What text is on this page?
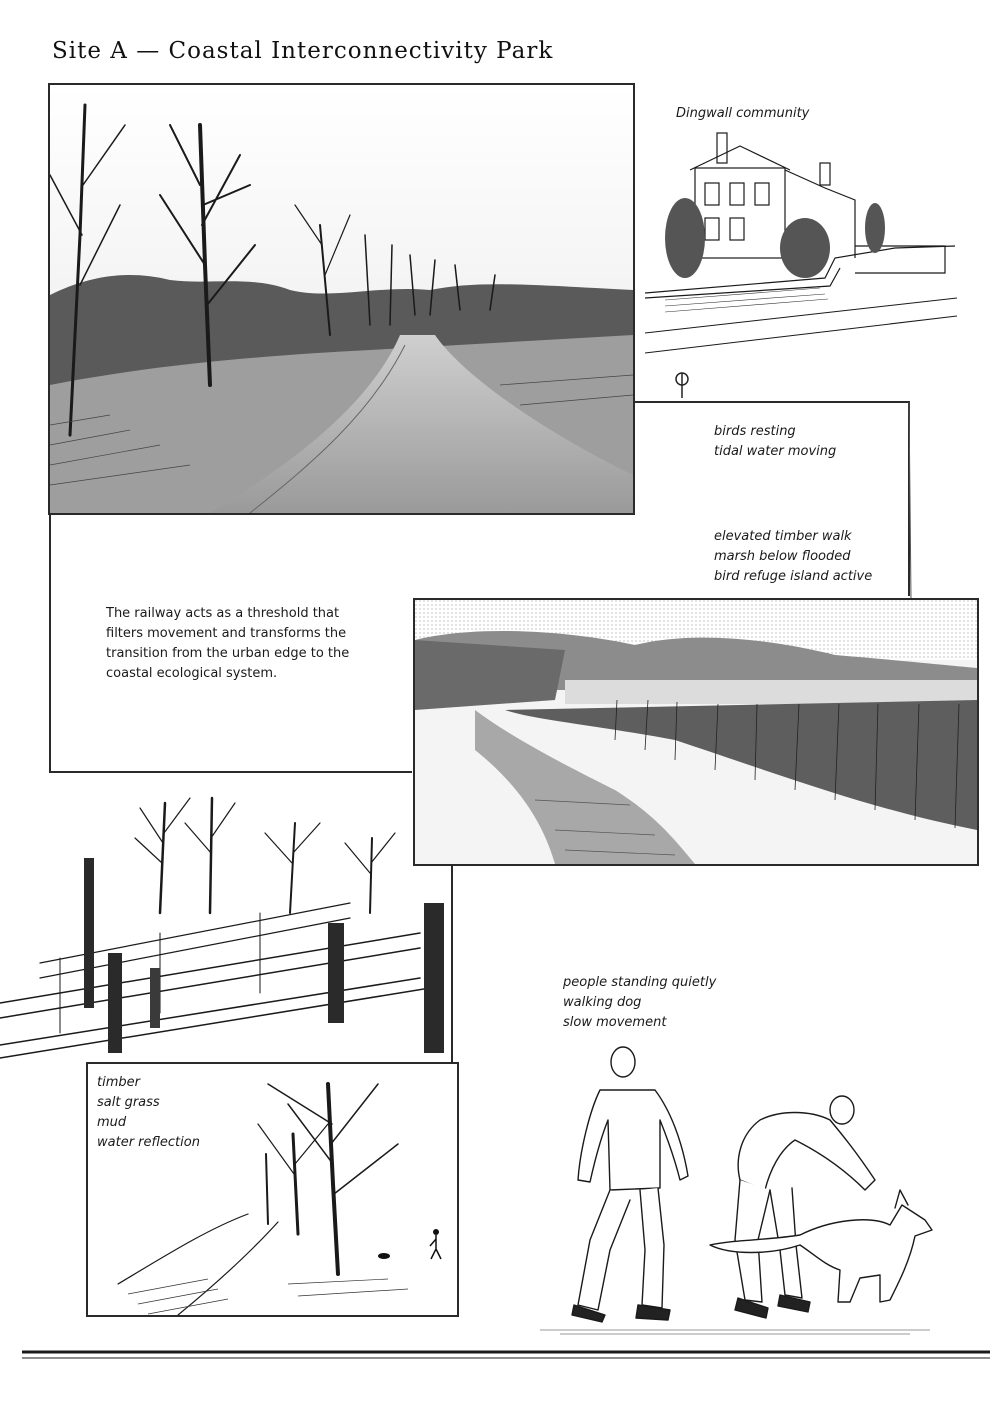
Site A — Coastal Interconnectivity Park
Dingwall community
birds resting
tidal water moving
elevated timber walk
marsh below flooded
bird refuge island active
The railway acts as a threshold that
filters movement and transforms the
transition from the urban edge to the
coastal ecological system.
timber
salt grass
mud
water reflection
people standing quietly
walking dog
slow movement
